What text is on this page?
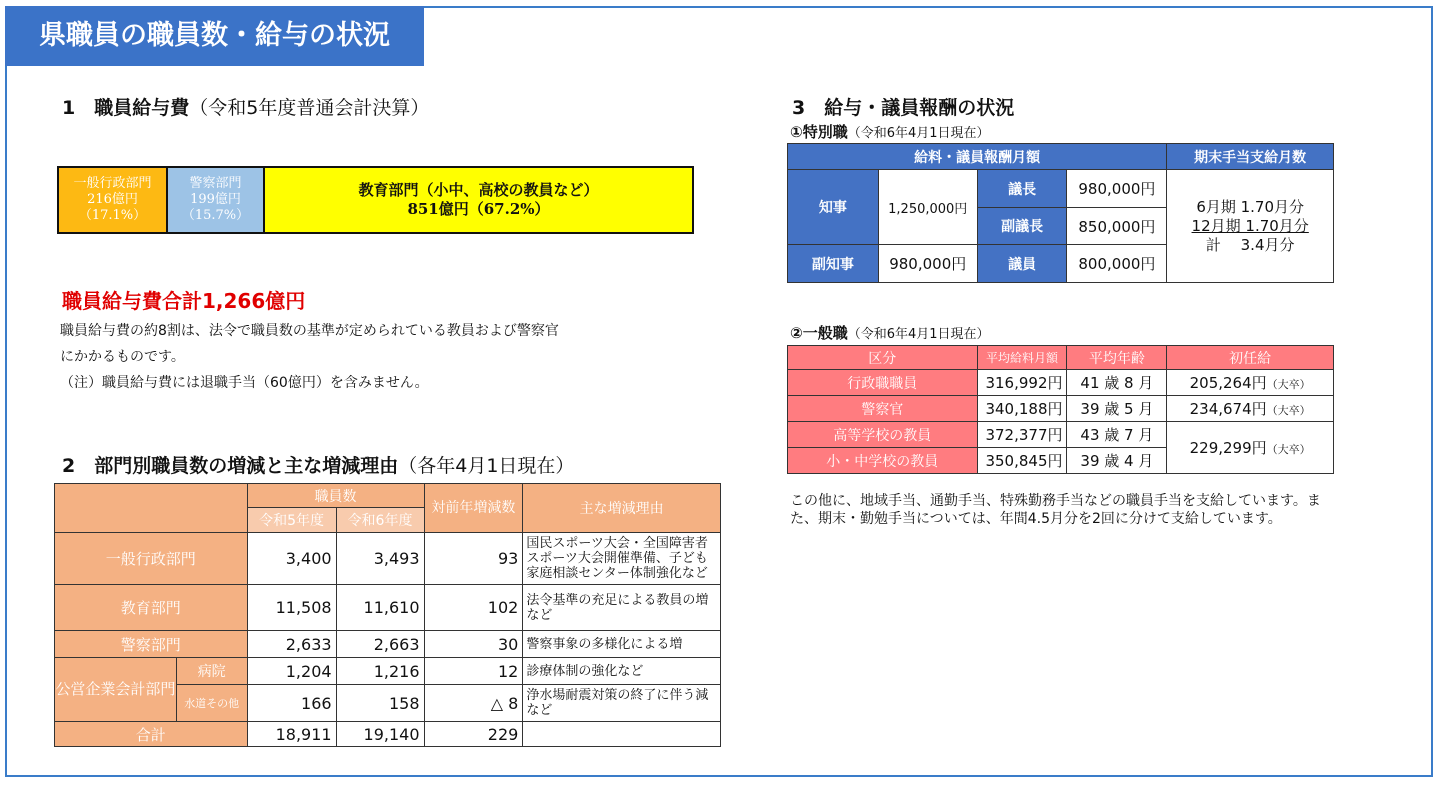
県職員の職員数・給与の状況
1　職員給与費（令和5年度普通会計決算）
一般行政部門
216億円
（17.1%）
警察部門
199億円
（15.7%）
教育部門（小中、高校の教員など）
851億円（67.2%）
職員給与費合計1,266億円
職員給与費の約8割は、法令で職員数の基準が定められている教員および警察官
にかかるものです。
（注）職員給与費には退職手当（60億円）を含みません。
2　部門別職員数の増減と主な増減理由（各年4月1日現在）
		職員数		対前年増減数	主な増減理由
		令和5年度	令和6年度		
一般行政部門		3,400	3,493	93	国民スポーツ大会・全国障害者スポーツ大会開催準備、子ども家庭相談センター体制強化など
教育部門		11,508	11,610	102	法令基準の充足による教員の増など
警察部門		2,633	2,663	30	警察事象の多様化による増
公営企業会計部門	病院	1,204	1,216	12	診療体制の強化など
	水道その他	166	158	△ 8	浄水場耐震対策の終了に伴う減など
合計		18,911	19,140	229	
3　給与・議員報酬の状況
①特別職（令和6年4月1日現在）
給料・議員報酬月額				期末手当支給月数
知事	1,250,000円	議長	980,000円	6月期 1.70月分
12月期 1.70月分
計　 3.4月分

		副議長	850,000円	
副知事	980,000円	議員	800,000円	
②一般職（令和6年4月1日現在）
区分	平均給料月額	平均年齢	初任給
行政職職員	316,992円	41 歳 8 月	205,264円（大卒）
警察官	340,188円	39 歳 5 月	234,674円（大卒）
高等学校の教員	372,377円	43 歳 7 月	229,299円（大卒）
小・中学校の教員	350,845円	39 歳 4 月	
この他に、地域手当、通勤手当、特殊勤務手当などの職員手当を支給しています。また、期末・勤勉手当については、年間4.5月分を2回に分けて支給しています。
